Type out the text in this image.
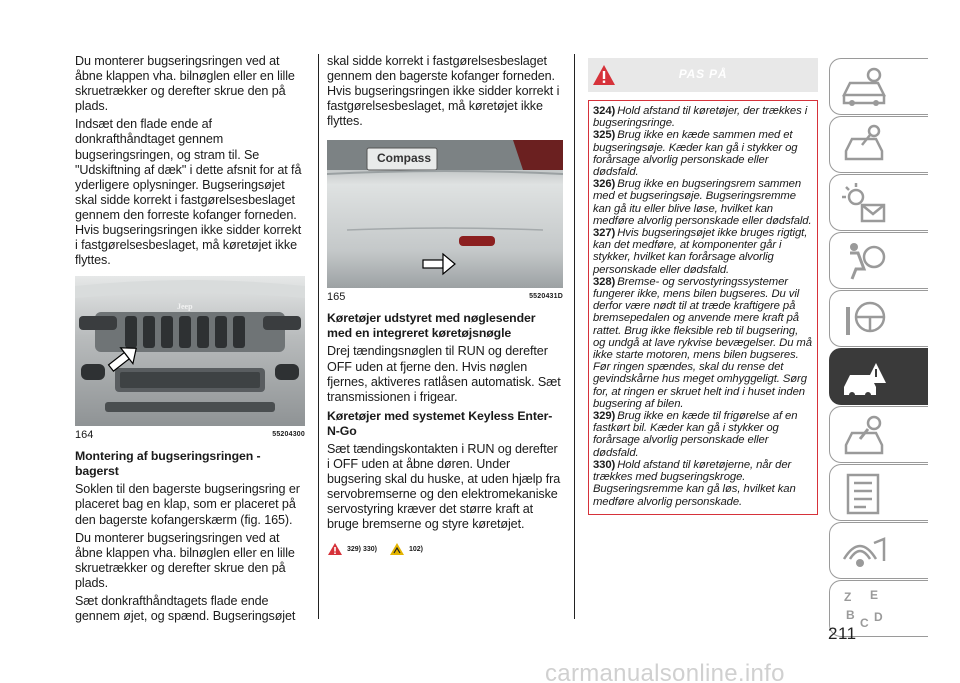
Du monterer bugseringsringen ved at åbne klappen vha. bilnøglen eller en lille skruetrækker og derefter skrue den på plads.

Indsæt den flade ende af donkrafthåndtaget gennem bugseringsringen, og stram til. Se "Udskiftning af dæk" i dette afsnit for at få yderligere oplysninger. Bugseringsøjet skal sidde korrekt i fastgørelsesbeslaget gennem den forreste kofanger forneden. Hvis bugseringsringen ikke sidder korrekt i fastgørelsesbeslaget, må køretøjet ikke flyttes.

Jeep
164	55204300
Montering af bugseringsringen - bagerst

Soklen til den bagerste bugseringsring er placeret bag en klap, som er placeret på den bagerste kofangerskærm (fig. 165).

Du monterer bugseringsringen ved at åbne klappen vha. bilnøglen eller en lille skruetrækker og derefter skrue den på plads.

Sæt donkrafthåndtagets flade ende gennem øjet, og spænd. Bugseringsøjet

skal sidde korrekt i fastgørelsesbeslaget gennem den bagerste kofanger forneden. Hvis bugseringsringen ikke sidder korrekt i fastgørelsesbeslaget, må køretøjet ikke flyttes.

Compass
165	5520431D
Køretøjer udstyret med nøglesender med en integreret køretøjsnøgle

Drej tændingsnøglen til RUN og derefter OFF uden at fjerne den. Hvis nøglen fjernes, aktiveres ratlåsen automatisk. Sæt transmissionen i frigear.

Køretøjer med systemet Keyless Enter-N-Go

Sæt tændingskontakten i RUN og derefter i OFF uden at åbne døren. Under bugsering skal du huske, at uden hjælp fra servobremserne og den elektromekaniske servostyring kræver det større kraft at bruge bremserne og styre køretøjet.

329) 330)	102)
PAS PÅ

324) Hold afstand til køretøjer, der trækkes i bugseringsringe.

325) Brug ikke en kæde sammen med et bugseringsøje. Kæder kan gå i stykker og forårsage alvorlig personskade eller dødsfald.

326) Brug ikke en bugseringsrem sammen med et bugseringsøje. Bugseringsremme kan gå itu eller blive løse, hvilket kan medføre alvorlig personskade eller dødsfald.

327) Hvis bugseringsøjet ikke bruges rigtigt, kan det medføre, at komponenter går i stykker, hvilket kan forårsage alvorlig personskade eller dødsfald.

328) Bremse- og servostyringssystemer fungerer ikke, mens bilen bugseres. Du vil derfor være nødt til at træde kraftigere på bremsepedalen og anvende mere kraft på rattet. Brug ikke fleksible reb til bugsering, og undgå at lave rykvise bevægelser. Du må ikke starte motoren, mens bilen bugseres. Før ringen spændes, skal du rense det gevindskårne hus meget omhyggeligt. Sørg for, at ringen er skruet helt ind i huset inden bugsering af bilen.

329) Brug ikke en kæde til frigørelse af en fastkørt bil. Kæder kan gå i stykker og forårsage alvorlig personskade eller dødsfald.

330) Hold afstand til køretøjerne, når der trækkes med bugseringskroge. Bugseringsremme kan gå løs, hvilket kan medføre alvorlig personskade.

Z E
B
C D
211
carmanualsonline.info
